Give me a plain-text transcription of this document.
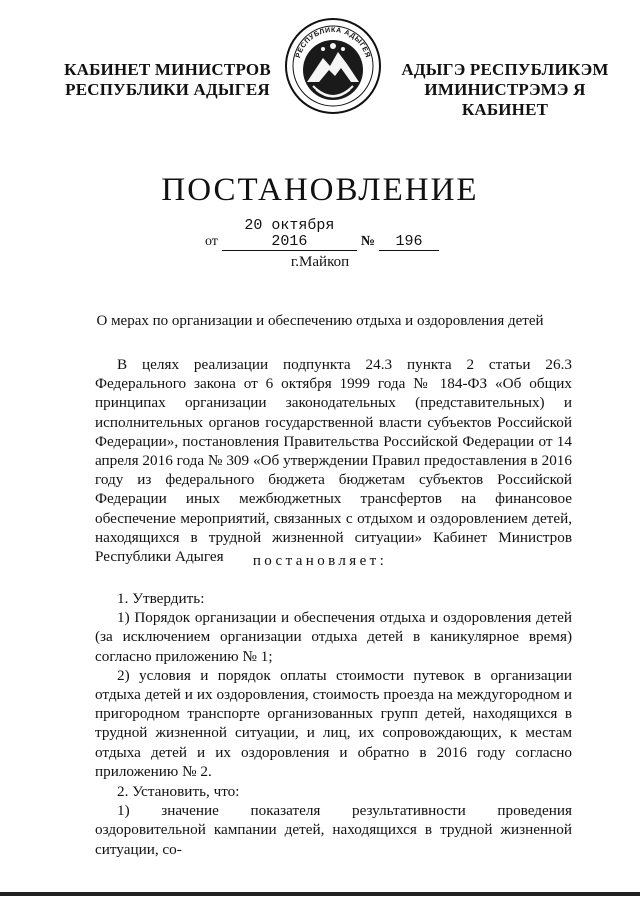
КАБИНЕТ МИНИСТРОВ
РЕСПУБЛИКИ АДЫГЕЯ
РЕСПУБЛИКА АДЫГЕЯ
АДЫГЭ РЕСПУБЛИКЭМ
ИМИНИСТРЭМЭ Я КАБИНЕТ
ПОСТАНОВЛЕНИЕ
от20 октября 2016	№ 196
г.Майкоп
О мерах по организации и обеспечению отдыха и оздоровления детей

В целях реализации подпункта 24.3 пункта 2 статьи 26.3 Федерального закона от 6 октября 1999 года № 184-ФЗ «Об общих принципах организации законодательных (представительных) и исполнительных органов государственной власти субъектов Российской Федерации», постановления Правительства Российской Федерации от 14 апреля 2016 года № 309 «Об утверждении Правил предоставления в 2016 году из федерального бюджета бюджетам субъектов Российской Федерации иных межбюджетных трансфертов на финансовое обеспечение мероприятий, связанных с отдыхом и оздоровлением детей, находящихся в трудной жизненной ситуации» Кабинет Министров Республики Адыгея	постановляет:

1. Утвердить:

1) Порядок организации и обеспечения отдыха и оздоровления детей (за исключением организации отдыха детей в каникулярное время) согласно приложению № 1;

2) условия и порядок оплаты стоимости путевок в организации отдыха детей и их оздоровления, стоимость проезда на междугородном и пригородном транспорте организованных групп детей, находящихся в трудной жизненной ситуации, и лиц, их сопровождающих, к местам отдыха детей и их оздоровления и обратно в 2016 году согласно приложению № 2.

2. Установить, что:

1) значение показателя результативности проведения оздоровительной кампании детей, находящихся в трудной жизненной ситуации, со-
